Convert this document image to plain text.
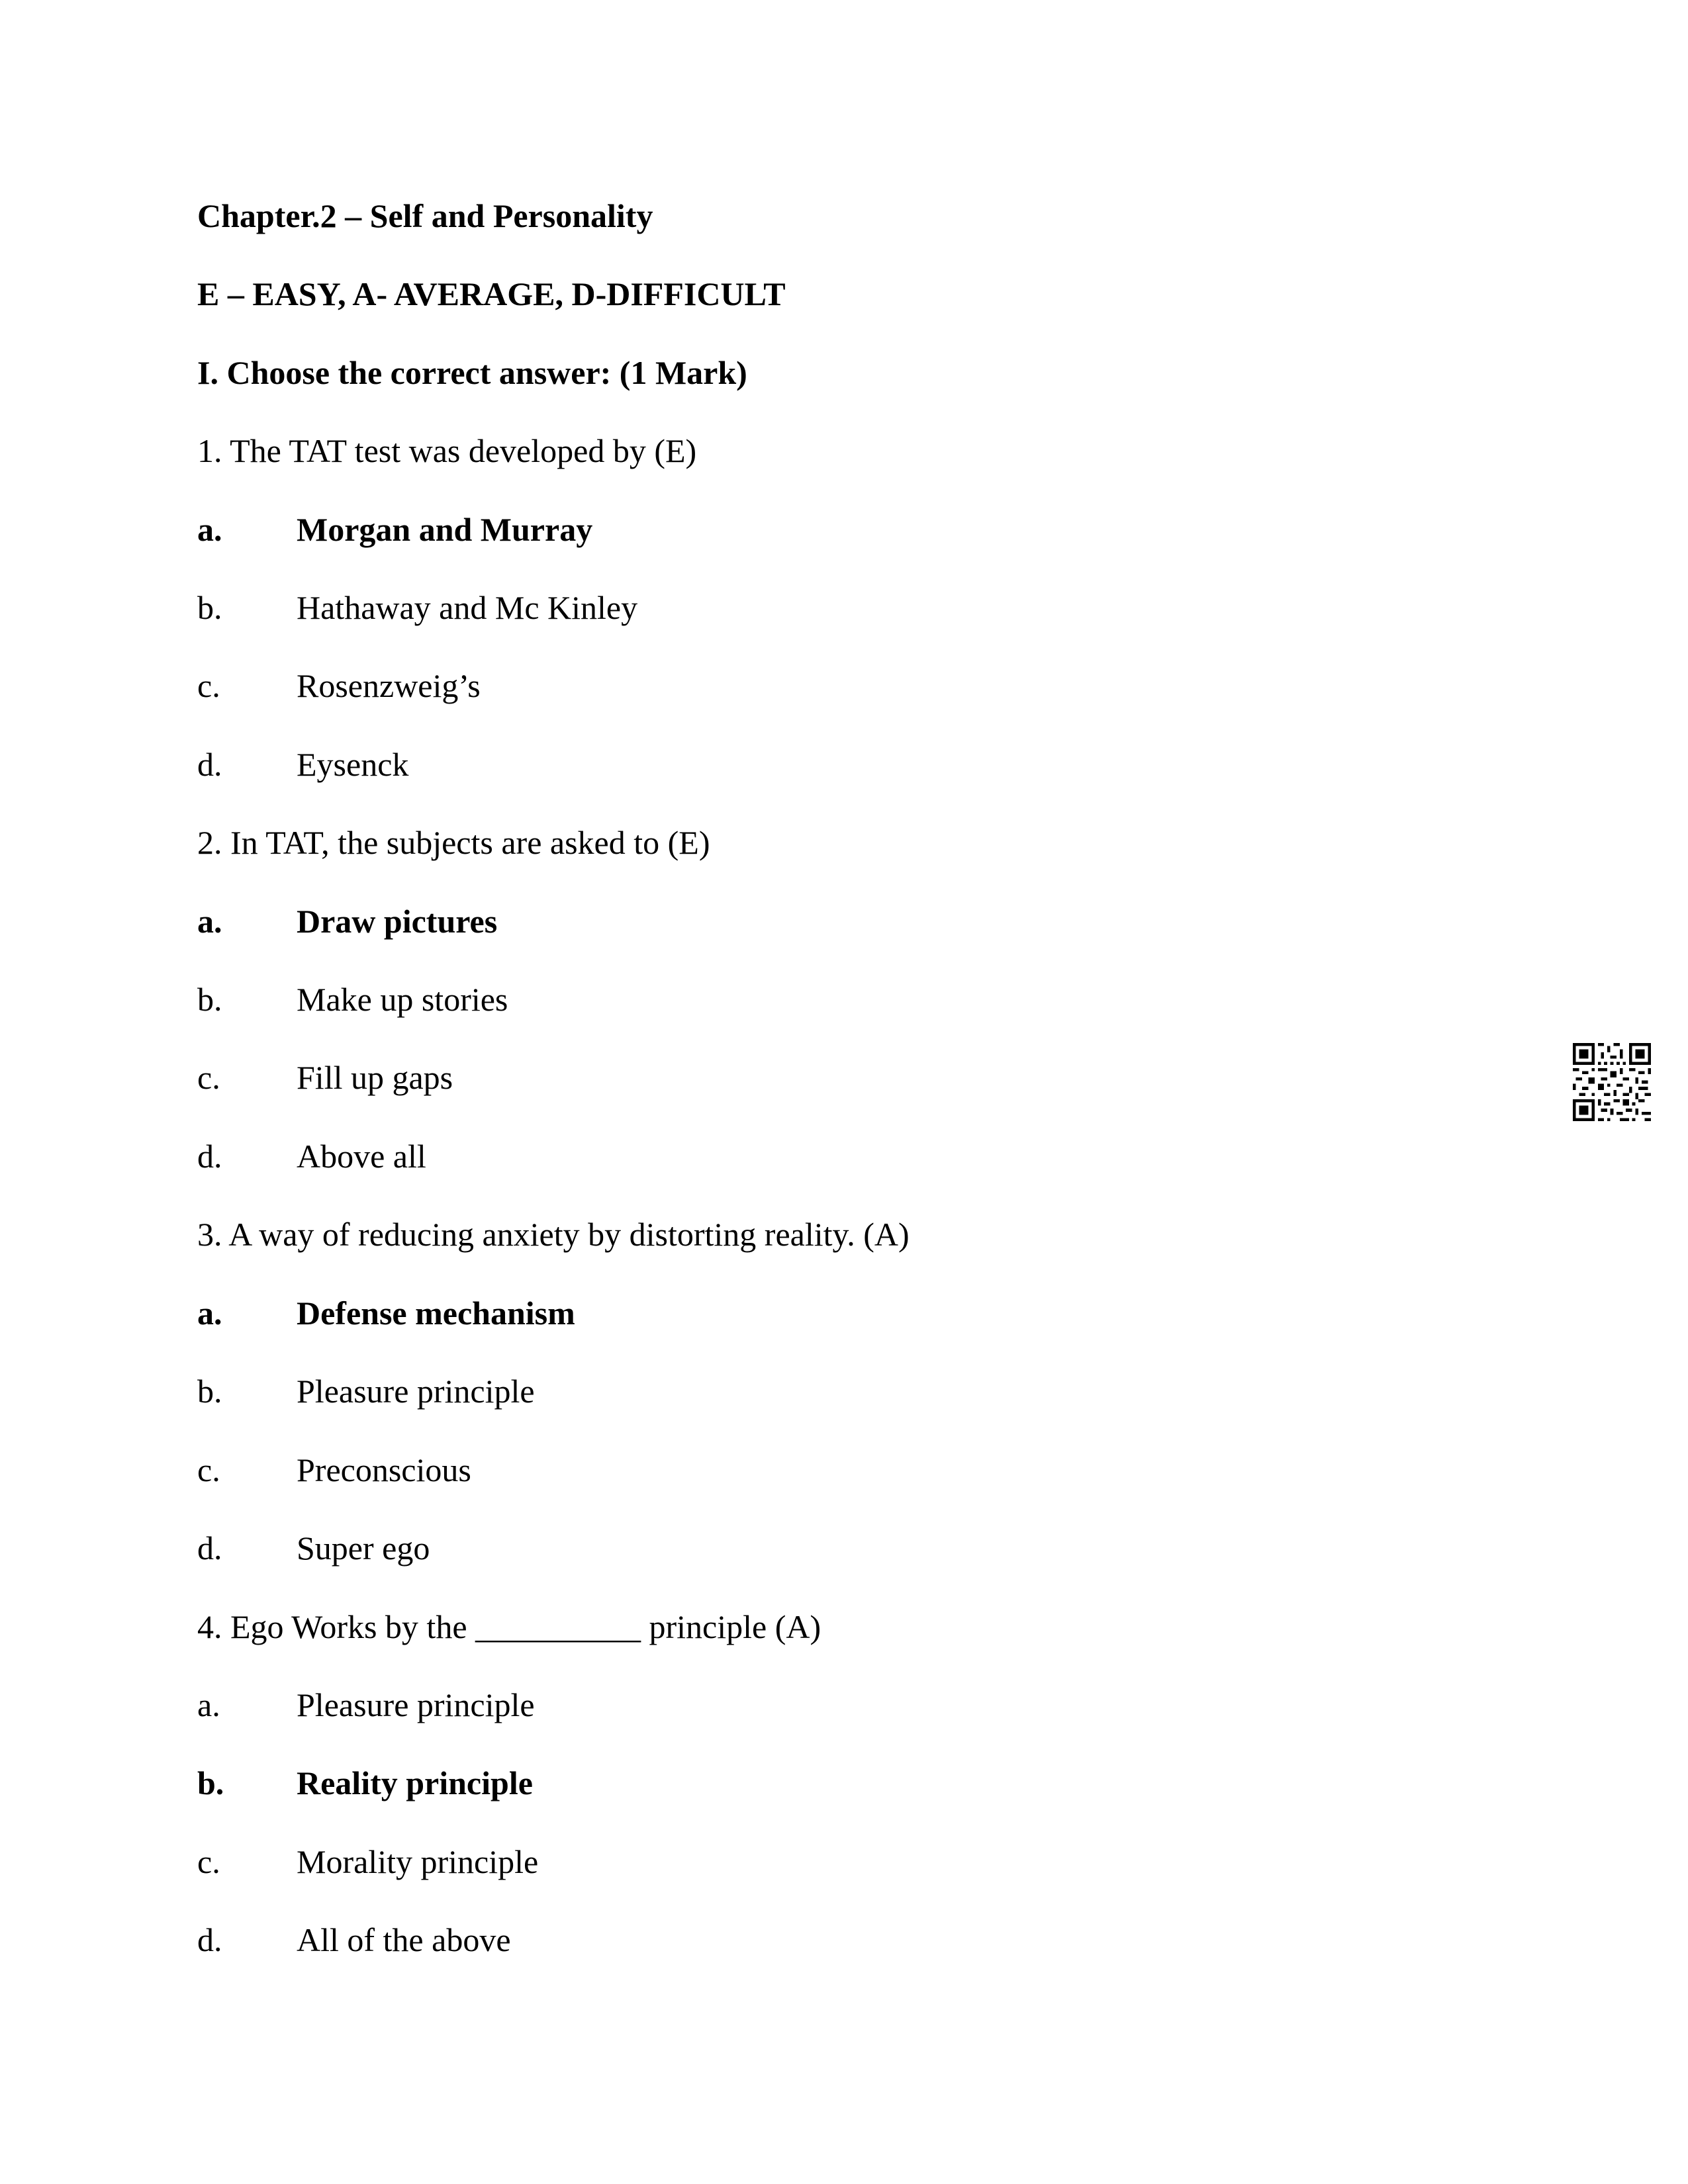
Chapter.2 – Self and Personality
E – EASY, A- AVERAGE, D-DIFFICULT
I. Choose the correct answer: (1 Mark)
1. The TAT test was developed by (E)
a. Morgan and Murray
b. Hathaway and Mc Kinley
c. Rosenzweig’s
d. Eysenck
2. In TAT, the subjects are asked to (E)
a. Draw pictures
b. Make up stories
c. Fill up gaps
d. Above all
3. A way of reducing anxiety by distorting reality. (A)
a. Defense mechanism
b. Pleasure principle
c. Preconscious
d. Super ego
4. Ego Works by the __________ principle (A)
a. Pleasure principle
b. Reality principle
c. Morality principle
d. All of the above
